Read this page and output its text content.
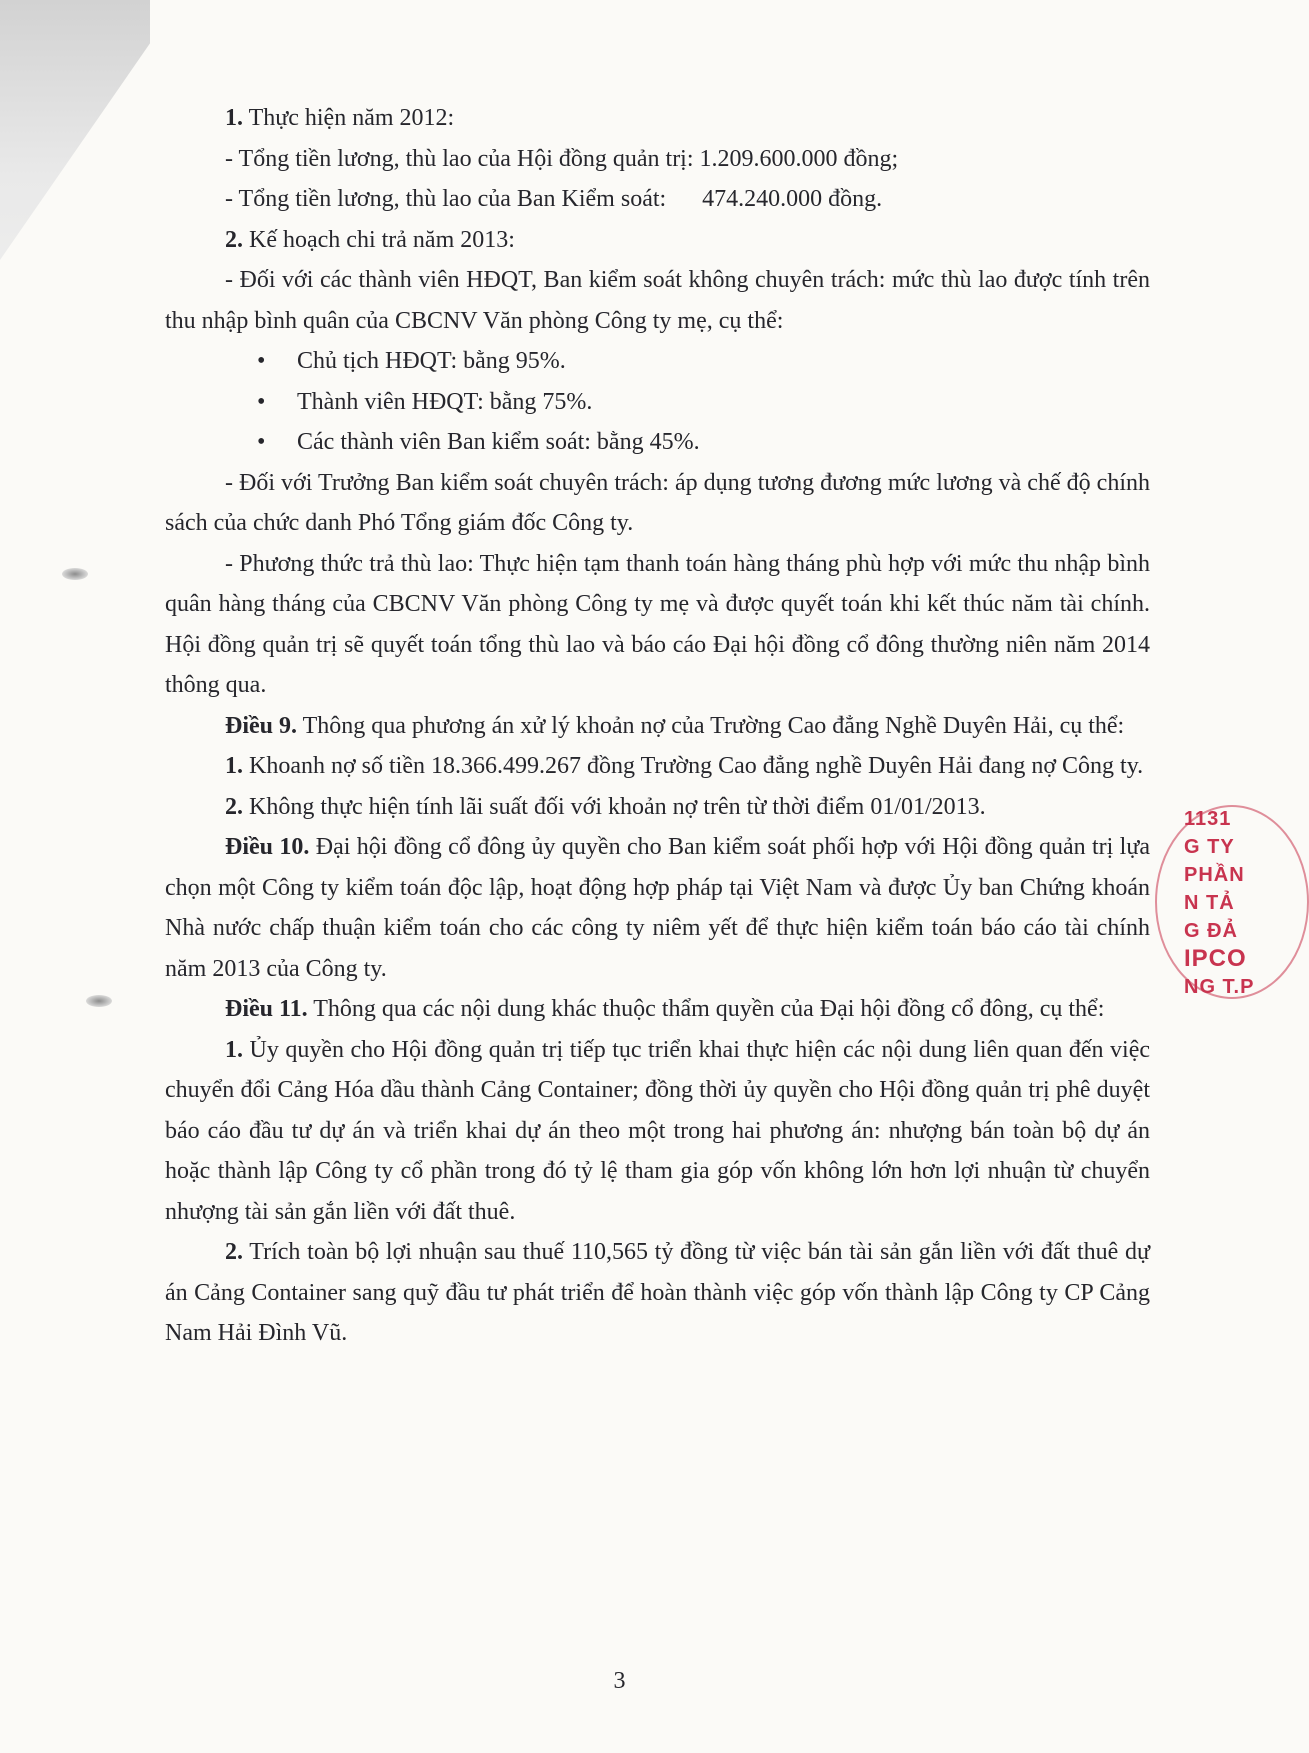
1. Thực hiện năm 2012:

- Tổng tiền lương, thù lao của Hội đồng quản trị: 1.209.600.000 đồng;

- Tổng tiền lương, thù lao của Ban Kiểm soát:      474.240.000 đồng.

2. Kế hoạch chi trả năm 2013:

- Đối với các thành viên HĐQT, Ban kiểm soát không chuyên trách: mức thù lao được tính trên thu nhập bình quân của CBCNV Văn phòng Công ty mẹ, cụ thể:

• Chủ tịch HĐQT: bằng 95%.
• Thành viên HĐQT: bằng 75%.
• Các thành viên Ban kiểm soát: bằng 45%.

- Đối với Trưởng Ban kiểm soát chuyên trách: áp dụng tương đương mức lương và chế độ chính sách của chức danh Phó Tổng giám đốc Công ty.

- Phương thức trả thù lao: Thực hiện tạm thanh toán hàng tháng phù hợp với mức thu nhập bình quân hàng tháng của CBCNV Văn phòng Công ty mẹ và được quyết toán khi kết thúc năm tài chính. Hội đồng quản trị sẽ quyết toán tổng thù lao và báo cáo Đại hội đồng cổ đông thường niên năm 2014 thông qua.

Điều 9. Thông qua phương án xử lý khoản nợ của Trường Cao đẳng Nghề Duyên Hải, cụ thể:

1. Khoanh nợ số tiền 18.366.499.267 đồng Trường Cao đẳng nghề Duyên Hải đang nợ Công ty.

2. Không thực hiện tính lãi suất đối với khoản nợ trên từ thời điểm 01/01/2013.

Điều 10. Đại hội đồng cổ đông ủy quyền cho Ban kiểm soát phối hợp với Hội đồng quản trị lựa chọn một Công ty kiểm toán độc lập, hoạt động hợp pháp tại Việt Nam và được Ủy ban Chứng khoán Nhà nước chấp thuận kiểm toán cho các công ty niêm yết để thực hiện kiểm toán báo cáo tài chính năm 2013 của Công ty.

Điều 11. Thông qua các nội dung khác thuộc thẩm quyền của Đại hội đồng cổ đông, cụ thể:

1. Ủy quyền cho Hội đồng quản trị tiếp tục triển khai thực hiện các nội dung liên quan đến việc chuyển đổi Cảng Hóa dầu thành Cảng Container; đồng thời ủy quyền cho Hội đồng quản trị phê duyệt báo cáo đầu tư dự án và triển khai dự án theo một trong hai phương án: nhượng bán toàn bộ dự án hoặc thành lập Công ty cổ phần trong đó tỷ lệ tham gia góp vốn không lớn hơn lợi nhuận từ chuyển nhượng tài sản gắn liền với đất thuê.

2. Trích toàn bộ lợi nhuận sau thuế 110,565 tỷ đồng từ việc bán tài sản gắn liền với đất thuê dự án Cảng Container sang quỹ đầu tư phát triển để hoàn thành việc góp vốn thành lập Công ty CP Cảng Nam Hải Đình Vũ.

1131
G TY
PHẦN
N TẢ
G ĐẢ
IPCO
NG T.P
3
